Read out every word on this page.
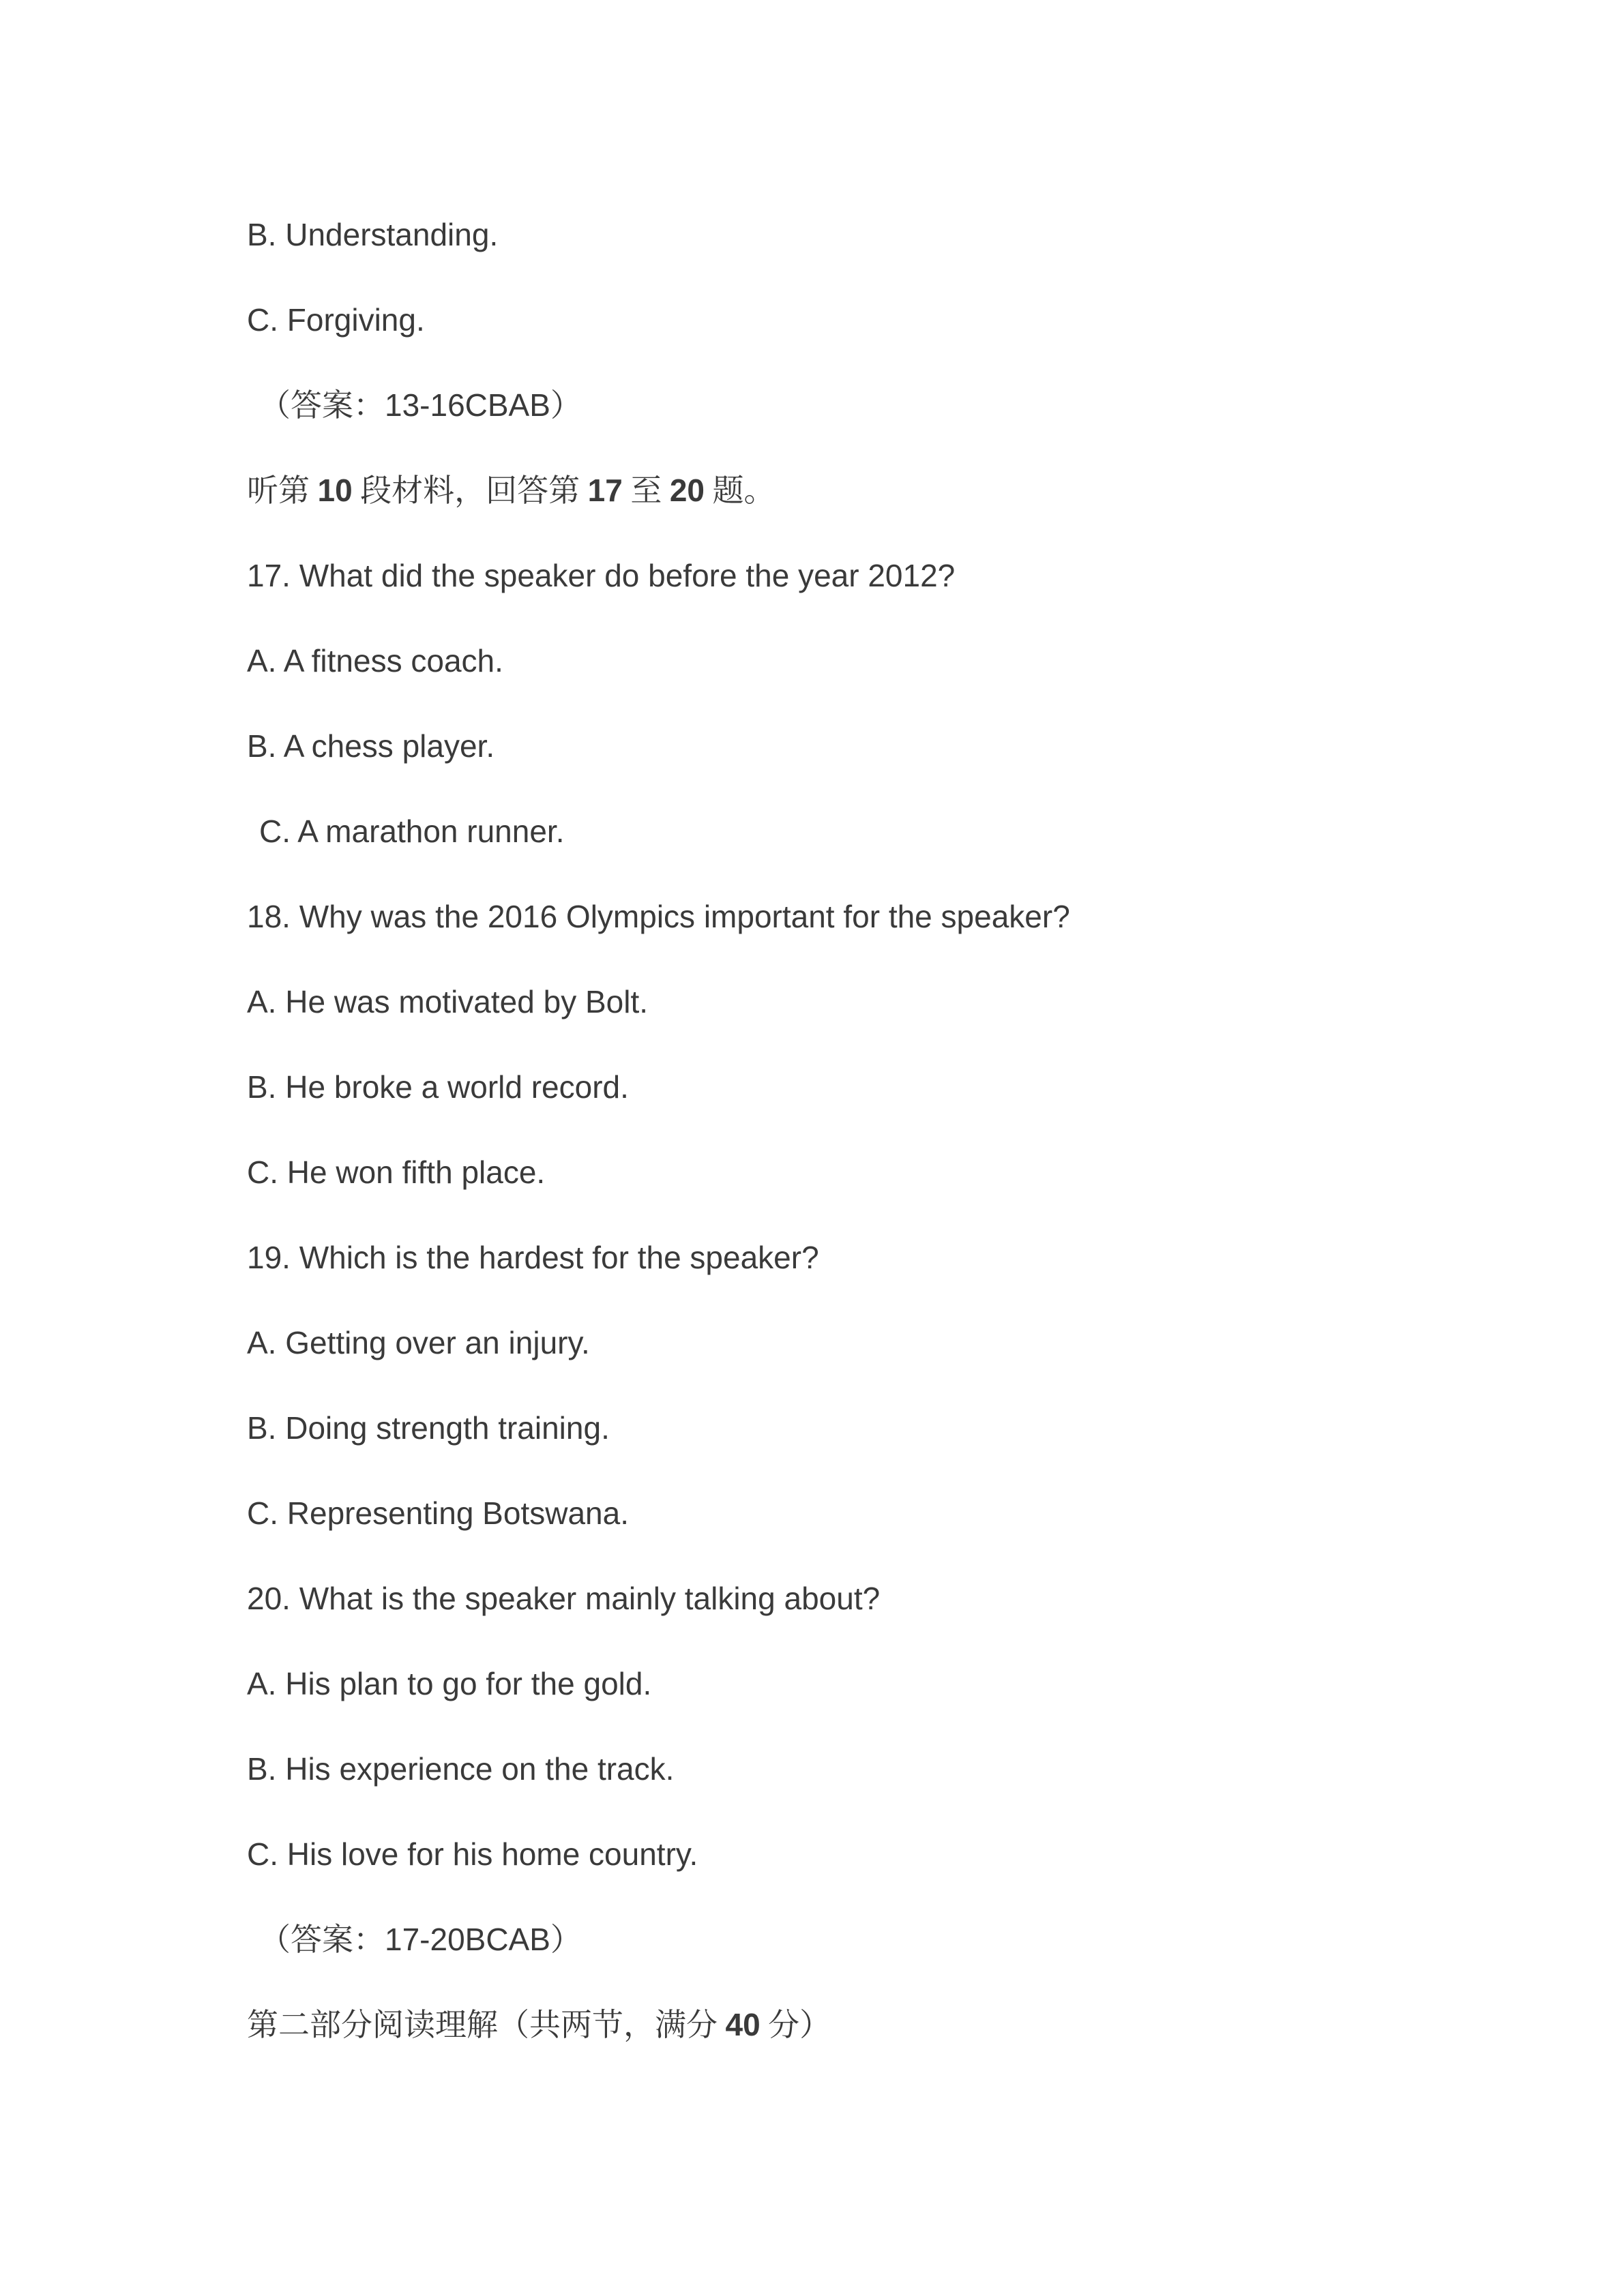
B. Understanding.

C. Forgiving.

（答案：13-16CBAB）

听第 10 段材料，回答第 17 至 20 题。

17. What did the speaker do before the year 2012?

A. A fitness coach.

B. A chess player.

C. A marathon runner.

18. Why was the 2016 Olympics important for the speaker?

A. He was motivated by Bolt.

B. He broke a world record.

C. He won fifth place.

19. Which is the hardest for the speaker?

A. Getting over an injury.

B. Doing strength training.

C. Representing Botswana.

20. What is the speaker mainly talking about?

A. His plan to go for the gold.

B. His experience on the track.

C. His love for his home country.

（答案：17-20BCAB）

第二部分阅读理解（共两节，满分 40 分）
